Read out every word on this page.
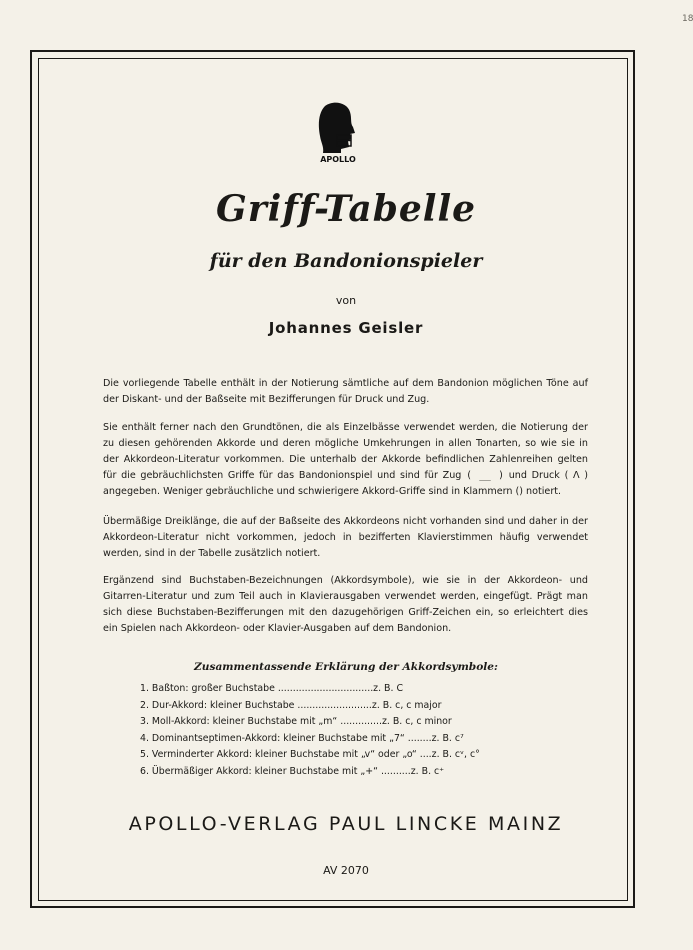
18
APOLLO
Griff-Tabelle
für den Bandonionspieler
von
Johannes Geisler

Die vorliegende Tabelle enthält in der Notierung sämtliche auf dem Bandonion möglichen Töne auf der Diskant- und der Baßseite mit Bezifferungen für Druck und Zug.

Sie enthält ferner nach den Grundtönen, die als Einzelbässe verwendet werden, die Notierung der zu diesen gehörenden Akkorde und deren mögliche Umkehrungen in allen Tonarten, so wie sie in der Akkordeon-Literatur vorkommen. Die unterhalb der Akkorde befindlichen Zahlenreihen gelten für die gebräuchlichsten Griffe für das Bandonionspiel und sind für Zug ( __ ) und Druck ( Λ ) angegeben. Weniger gebräuchliche und schwierigere Akkord-Griffe sind in Klammern () notiert.

Übermäßige Dreiklänge, die auf der Baßseite des Akkordeons nicht vorhanden sind und daher in der Akkordeon-Literatur nicht vorkommen, jedoch in bezifferten Klavierstimmen häufig verwendet werden, sind in der Tabelle zusätzlich notiert.

Ergänzend sind Buchstaben-Bezeichnungen (Akkordsymbole), wie sie in der Akkordeon- und Gitarren-Literatur und zum Teil auch in Klavierausgaben verwendet werden, eingefügt. Prägt man sich diese Buchstaben-Bezifferungen mit den dazugehörigen Griff-Zeichen ein, so erleichtert dies ein Spielen nach Akkordeon- oder Klavier-Ausgaben auf dem Bandonion.

Zusammentassende Erklärung der Akkordsymbole:
1. Baßton: großer Buchstabe ................................z. B. C
2. Dur-Akkord: kleiner Buchstabe .........................z. B. c, c major
3. Moll-Akkord: kleiner Buchstabe mit „m“ ..............z. B. c, c minor
4. Dominantseptimen-Akkord: kleiner Buchstabe mit „7“ ........z. B. c⁷
5. Verminderter Akkord: kleiner Buchstabe mit „v“ oder „o“ ....z. B. cᵛ, c°
6. Übermäßiger Akkord: kleiner Buchstabe mit „+“ ..........z. B. c⁺
APOLLO-VERLAG PAUL LINCKE MAINZ
AV 2070
